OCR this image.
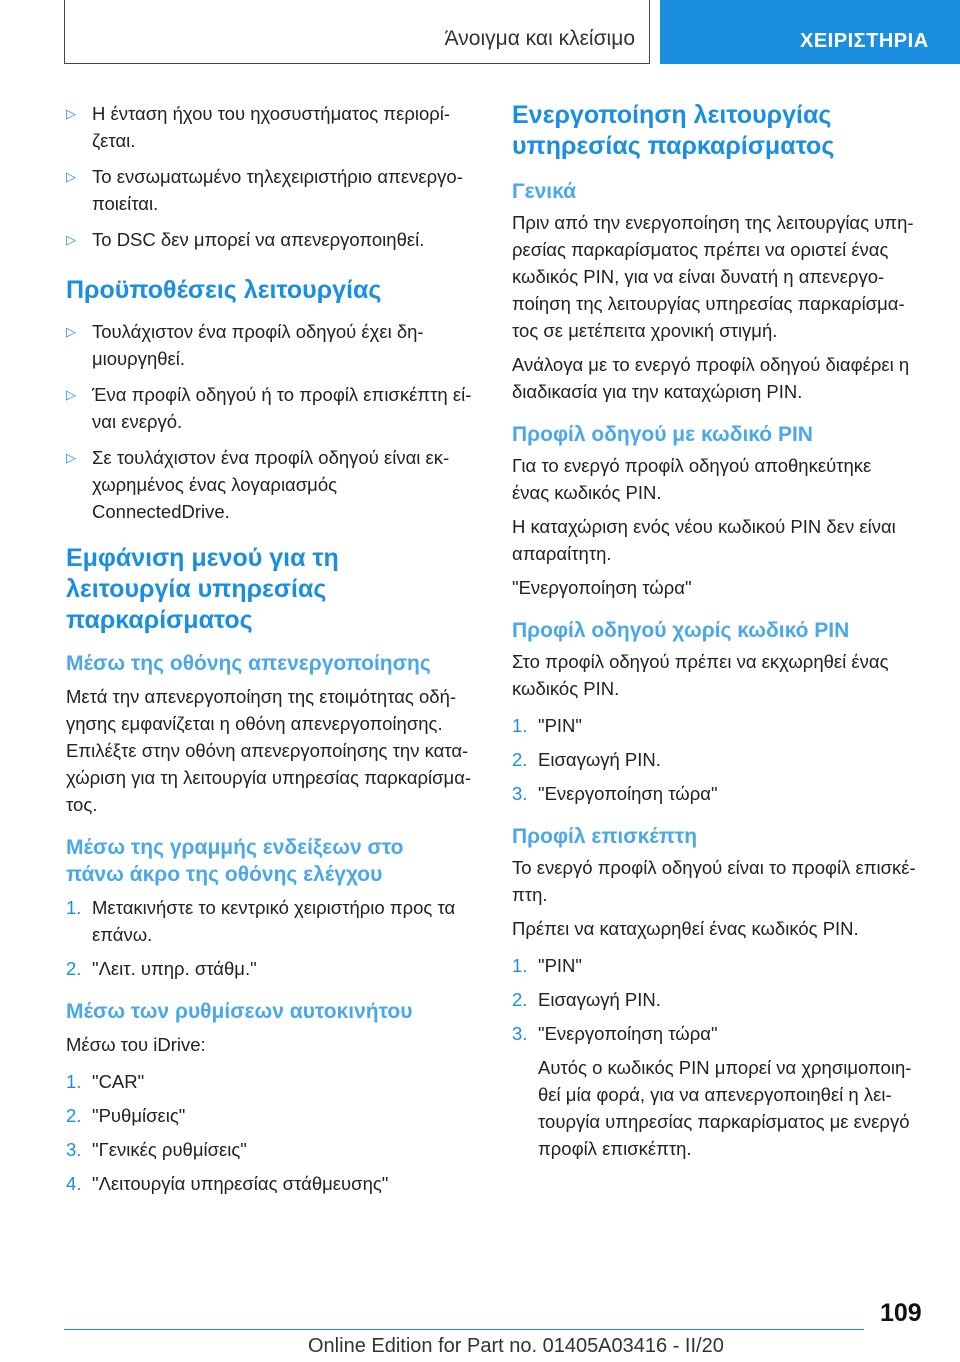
Άνοιγμα και κλείσιμο	ΧΕΙΡΙΣΤΗΡΙΑ
▷ Η ένταση ήχου του ηχοσυστήματος περιορί-
ζεται.
▷ Το ενσωματωμένο τηλεχειριστήριο απενεργο-
ποιείται.
▷ Το DSC δεν μπορεί να απενεργοποιηθεί.
Προϋποθέσεις λειτουργίας
▷ Τουλάχιστον ένα προφίλ οδηγού έχει δη-
μιουργηθεί.
▷ Ένα προφίλ οδηγού ή το προφίλ επισκέπτη εί-
ναι ενεργό.
▷ Σε τουλάχιστον ένα προφίλ οδηγού είναι εκ-
χωρημένος ένας λογαριασμός
ConnectedDrive.
Εμφάνιση μενού για τη
λειτουργία υπηρεσίας
παρκαρίσματος
Μέσω της οθόνης απενεργοποίησης
Μετά την απενεργοποίηση της ετοιμότητας οδή-
γησης εμφανίζεται η οθόνη απενεργοποίησης.
Επιλέξτε στην οθόνη απενεργοποίησης την κατα-
χώριση για τη λειτουργία υπηρεσίας παρκαρίσμα-
τος.
Μέσω της γραμμής ενδείξεων στο
πάνω άκρο της οθόνης ελέγχου
1. Μετακινήστε το κεντρικό χειριστήριο προς τα
επάνω.
2. "Λειτ. υπηρ. στάθμ."
Μέσω των ρυθμίσεων αυτοκινήτου
Μέσω του iDrive:
1. "CAR"
2. "Ρυθμίσεις"
3. "Γενικές ρυθμίσεις"
4. "Λειτουργία υπηρεσίας στάθμευσης"
Ενεργοποίηση λειτουργίας
υπηρεσίας παρκαρίσματος
Γενικά
Πριν από την ενεργοποίηση της λειτουργίας υπη-
ρεσίας παρκαρίσματος πρέπει να οριστεί ένας
κωδικός PIN, για να είναι δυνατή η απενεργο-
ποίηση της λειτουργίας υπηρεσίας παρκαρίσμα-
τος σε μετέπειτα χρονική στιγμή.
Ανάλογα με το ενεργό προφίλ οδηγού διαφέρει η
διαδικασία για την καταχώριση PIN.
Προφίλ οδηγού με κωδικό PIN
Για το ενεργό προφίλ οδηγού αποθηκεύτηκε
ένας κωδικός PIN.
Η καταχώριση ενός νέου κωδικού PIN δεν είναι
απαραίτητη.
"Ενεργοποίηση τώρα"
Προφίλ οδηγού χωρίς κωδικό PIN
Στο προφίλ οδηγού πρέπει να εκχωρηθεί ένας
κωδικός PIN.
1. "PIN"
2. Εισαγωγή PIN.
3. "Ενεργοποίηση τώρα"
Προφίλ επισκέπτη
Το ενεργό προφίλ οδηγού είναι το προφίλ επισκέ-
πτη.
Πρέπει να καταχωρηθεί ένας κωδικός PIN.
1. "PIN"
2. Εισαγωγή PIN.
3. "Ενεργοποίηση τώρα"
Αυτός ο κωδικός PIN μπορεί να χρησιμοποιη-
θεί μία φορά, για να απενεργοποιηθεί η λει-
τουργία υπηρεσίας παρκαρίσματος με ενεργό
προφίλ επισκέπτη.
109
Online Edition for Part no. 01405A03416 - II/20
